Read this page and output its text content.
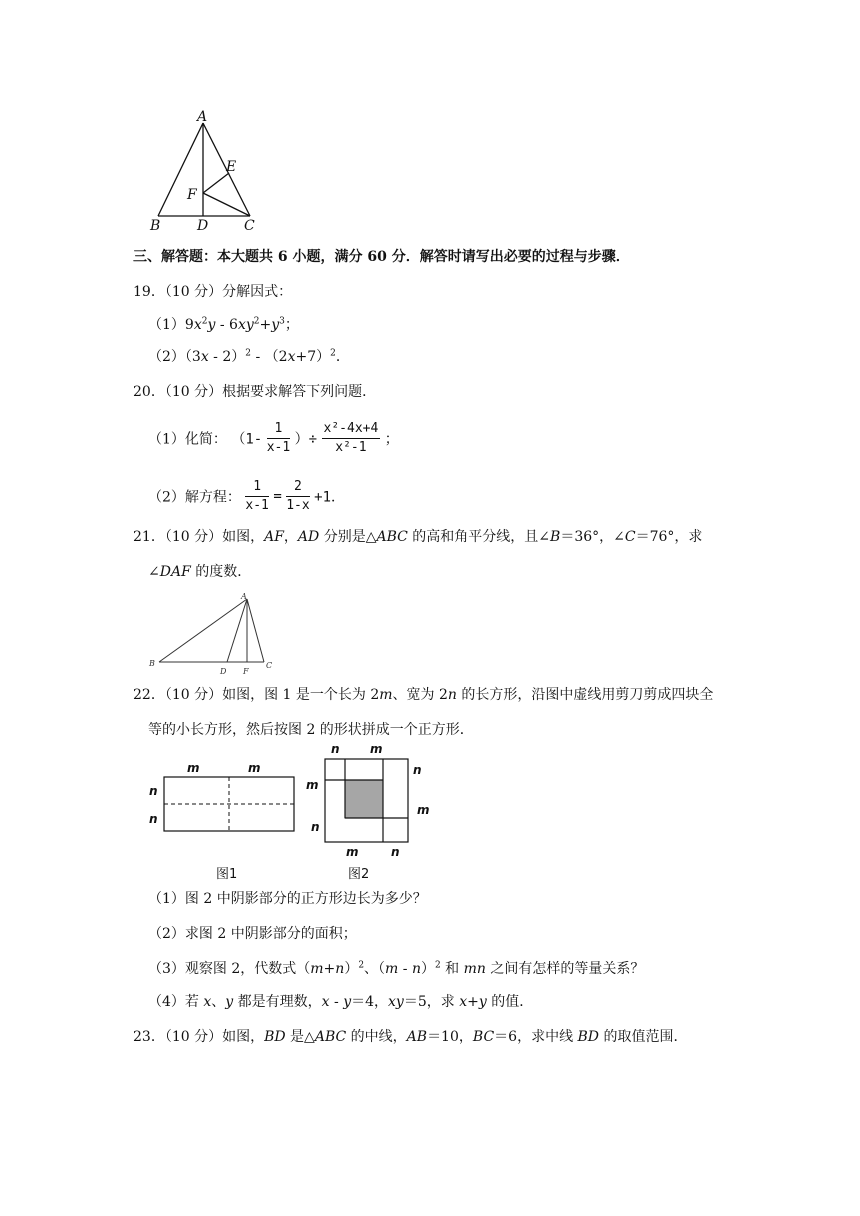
A
E
F
B	D	C
三、解答题：本大题共 6 小题，满分 60 分．解答时请写出必要的过程与步骤．
19．（10 分）分解因式：
$(1)9x^2y - 6xy^2+y^3$；
$(2)(3x - 2)^2 - (2x+7)^2$．
20．（10 分）根据要求解答下列问题．
（1）化简： （$1- \frac{1}{x-1}$ ）÷ $\frac{\text{x²-4x+4}}{\text{x²-1}}$ ；
（2）解方程： $\frac{1}{x-1} = \frac{2}{1-x} +1$．
21．（10 分）如图，AF，AD 分别是△ABC 的高和角平分线，且∠B＝36°，∠C＝76°，求
∠DAF 的度数．
A
B
D F
C
22．（10 分）如图，图 1 是一个长为 2m、宽为 2n 的长方形，沿图中虚线用剪刀剪成四块全
等的小长方形，然后按图 2 的形状拼成一个正方形．
m	m
n
n
图1
n	m
n
m
m
n
m	n
图2
（1）图 2 中阴影部分的正方形边长为多少？
（2）求图 2 中阴影部分的面积；
（3）观察图 2，代数式$(m+n)^2$、（m - n）$^2$ 和 mn 之间有怎样的等量关系？
（4）若 x、y 都是有理数，x - y＝4，xy＝5，求 x+y 的值．
23．（10 分）如图，BD 是△ABC 的中线，AB＝10，BC＝6，求中线 BD 的取值范围．
